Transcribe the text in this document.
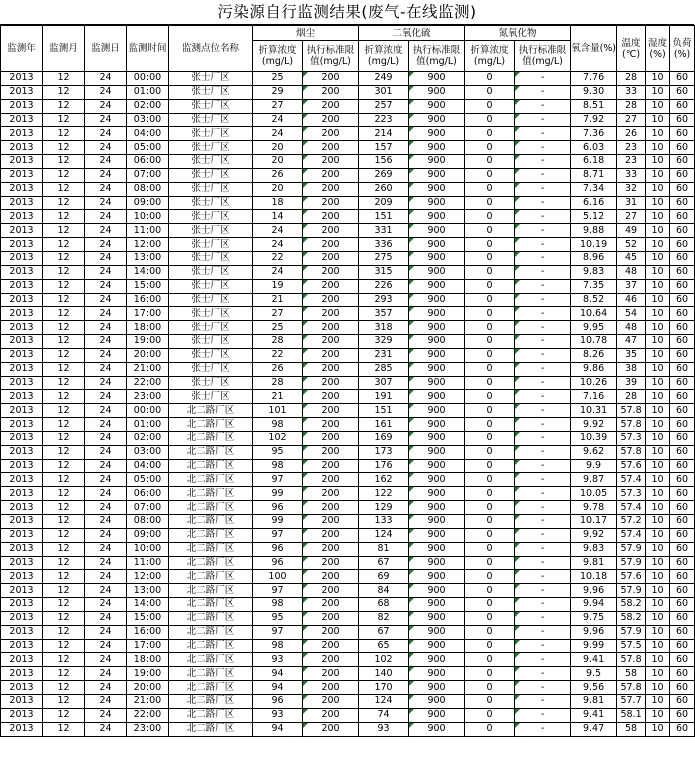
污染源自行监测结果(废气-在线监测)
监测年	监测月	监测日	监测时间	监测点位名称	烟尘		二氧化硫		氮氧化物		氧含量(%)	温度(℃)	湿度(%)	负荷(%)
					折算浓度(mg/L)	执行标准限值(mg/L)	折算浓度(mg/L)	执行标准限值(mg/L)	折算浓度(mg/L)	执行标准限值(mg/L)				
2013	12	24	00:00	张士厂区	25	200	249	900	0	-	7.76	28	10	60
2013	12	24	01:00	张士厂区	29	200	301	900	0	-	9.30	33	10	60
2013	12	24	02:00	张士厂区	27	200	257	900	0	-	8.51	28	10	60
2013	12	24	03:00	张士厂区	24	200	223	900	0	-	7.92	27	10	60
2013	12	24	04:00	张士厂区	24	200	214	900	0	-	7.36	26	10	60
2013	12	24	05:00	张士厂区	20	200	157	900	0	-	6.03	23	10	60
2013	12	24	06:00	张士厂区	20	200	156	900	0	-	6.18	23	10	60
2013	12	24	07:00	张士厂区	26	200	269	900	0	-	8.71	33	10	60
2013	12	24	08:00	张士厂区	20	200	260	900	0	-	7.34	32	10	60
2013	12	24	09:00	张士厂区	18	200	209	900	0	-	6.16	31	10	60
2013	12	24	10:00	张士厂区	14	200	151	900	0	-	5.12	27	10	60
2013	12	24	11:00	张士厂区	24	200	331	900	0	-	9.88	49	10	60
2013	12	24	12:00	张士厂区	24	200	336	900	0	-	10.19	52	10	60
2013	12	24	13:00	张士厂区	22	200	275	900	0	-	8.96	45	10	60
2013	12	24	14:00	张士厂区	24	200	315	900	0	-	9.83	48	10	60
2013	12	24	15:00	张士厂区	19	200	226	900	0	-	7.35	37	10	60
2013	12	24	16:00	张士厂区	21	200	293	900	0	-	8.52	46	10	60
2013	12	24	17:00	张士厂区	27	200	357	900	0	-	10.64	54	10	60
2013	12	24	18:00	张士厂区	25	200	318	900	0	-	9.95	48	10	60
2013	12	24	19:00	张士厂区	28	200	329	900	0	-	10.78	47	10	60
2013	12	24	20:00	张士厂区	22	200	231	900	0	-	8.26	35	10	60
2013	12	24	21:00	张士厂区	26	200	285	900	0	-	9.86	38	10	60
2013	12	24	22:00	张士厂区	28	200	307	900	0	-	10.26	39	10	60
2013	12	24	23:00	张士厂区	21	200	191	900	0	-	7.16	28	10	60
2013	12	24	00:00	北二路厂区	101	200	151	900	0	-	10.31	57.8	10	60
2013	12	24	01:00	北二路厂区	98	200	161	900	0	-	9.92	57.8	10	60
2013	12	24	02:00	北二路厂区	102	200	169	900	0	-	10.39	57.3	10	60
2013	12	24	03:00	北二路厂区	95	200	173	900	0	-	9.62	57.8	10	60
2013	12	24	04:00	北二路厂区	98	200	176	900	0	-	9.9	57.6	10	60
2013	12	24	05:00	北二路厂区	97	200	162	900	0	-	9.87	57.4	10	60
2013	12	24	06:00	北二路厂区	99	200	122	900	0	-	10.05	57.3	10	60
2013	12	24	07:00	北二路厂区	96	200	129	900	0	-	9.78	57.4	10	60
2013	12	24	08:00	北二路厂区	99	200	133	900	0	-	10.17	57.2	10	60
2013	12	24	09:00	北二路厂区	97	200	124	900	0	-	9.92	57.4	10	60
2013	12	24	10:00	北二路厂区	96	200	81	900	0	-	9.83	57.9	10	60
2013	12	24	11:00	北二路厂区	96	200	67	900	0	-	9.81	57.9	10	60
2013	12	24	12:00	北二路厂区	100	200	69	900	0	-	10.18	57.6	10	60
2013	12	24	13:00	北二路厂区	97	200	84	900	0	-	9.96	57.9	10	60
2013	12	24	14:00	北二路厂区	98	200	68	900	0	-	9.94	58.2	10	60
2013	12	24	15:00	北二路厂区	95	200	82	900	0	-	9.75	58.2	10	60
2013	12	24	16:00	北二路厂区	97	200	67	900	0	-	9.96	57.9	10	60
2013	12	24	17:00	北二路厂区	98	200	65	900	0	-	9.99	57.5	10	60
2013	12	24	18:00	北二路厂区	93	200	102	900	0	-	9.41	57.8	10	60
2013	12	24	19:00	北二路厂区	94	200	140	900	0	-	9.5	58	10	60
2013	12	24	20:00	北二路厂区	94	200	170	900	0	-	9.56	57.8	10	60
2013	12	24	21:00	北二路厂区	96	200	124	900	0	-	9.81	57.7	10	60
2013	12	24	22:00	北二路厂区	93	200	74	900	0	-	9.41	58.1	10	60
2013	12	24	23:00	北二路厂区	94	200	93	900	0	-	9.47	58	10	60
